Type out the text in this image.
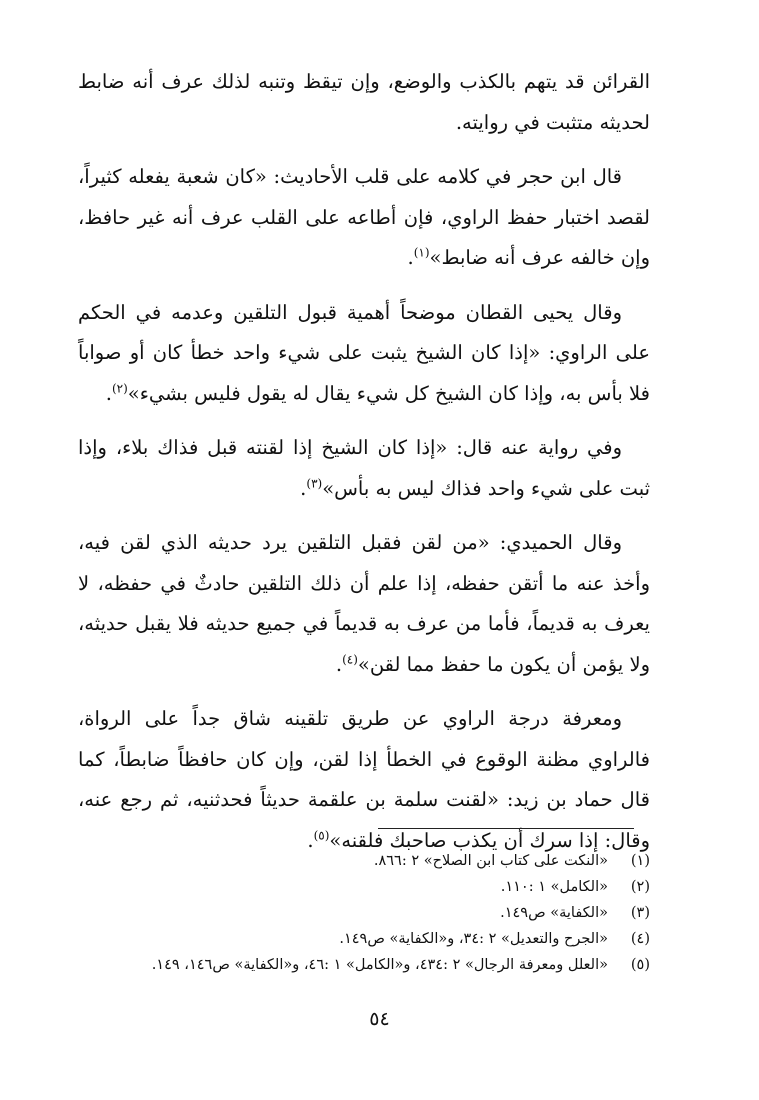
القرائن قد يتهم بالكذب والوضع، وإن تيقظ وتنبه لذلك عرف أنه ضابط لحديثه متثبت في روايته.

قال ابن حجر في كلامه على قلب الأحاديث: «كان شعبة يفعله كثيراً، لقصد اختبار حفظ الراوي، فإن أطاعه على القلب عرف أنه غير حافظ، وإن خالفه عرف أنه ضابط»$^{(١)}$.

وقال يحيى القطان موضحاً أهمية قبول التلقين وعدمه في الحكم على الراوي: «إذا كان الشيخ يثبت على شيء واحد خطأ كان أو صواباً فلا بأس به، وإذا كان الشيخ كل شيء يقال له يقول فليس بشيء»$^{(٢)}$.

وفي رواية عنه قال: «إذا كان الشيخ إذا لقنته قبل فذاك بلاء، وإذا ثبت على شيء واحد فذاك ليس به بأس»$^{(٣)}$.

وقال الحميدي: «من لقن فقبل التلقين يرد حديثه الذي لقن فيه، وأخذ عنه ما أتقن حفظه، إذا علم أن ذلك التلقين حادثٌ في حفظه، لا يعرف به قديماً، فأما من عرف به قديماً في جميع حديثه فلا يقبل حديثه، ولا يؤمن أن يكون ما حفظ مما لقن»$^{(٤)}$.

ومعرفة درجة الراوي عن طريق تلقينه شاق جداً على الرواة، فالراوي مظنة الوقوع في الخطأ إذا لقن، وإن كان حافظاً ضابطاً، كما قال حماد بن زيد: «لقنت سلمة بن علقمة حديثاً فحدثنيه، ثم رجع عنه، وقال: إذا سرك أن يكذب صاحبك فلقنه»$^{(٥)}$.

(١)
«النكت على كتاب ابن الصلاح» ٢ :٨٦٦.
(٢)
«الكامل» ١ :١١٠.
(٣)
«الكفاية» ص١٤٩.
(٤)
«الجرح والتعديل» ٢ :٣٤، و«الكفاية» ص١٤٩.
(٥)
«العلل ومعرفة الرجال» ٢ :٤٣٤، و«الكامل» ١ :٤٦، و«الكفاية» ص١٤٦، ١٤٩.
٥٤
